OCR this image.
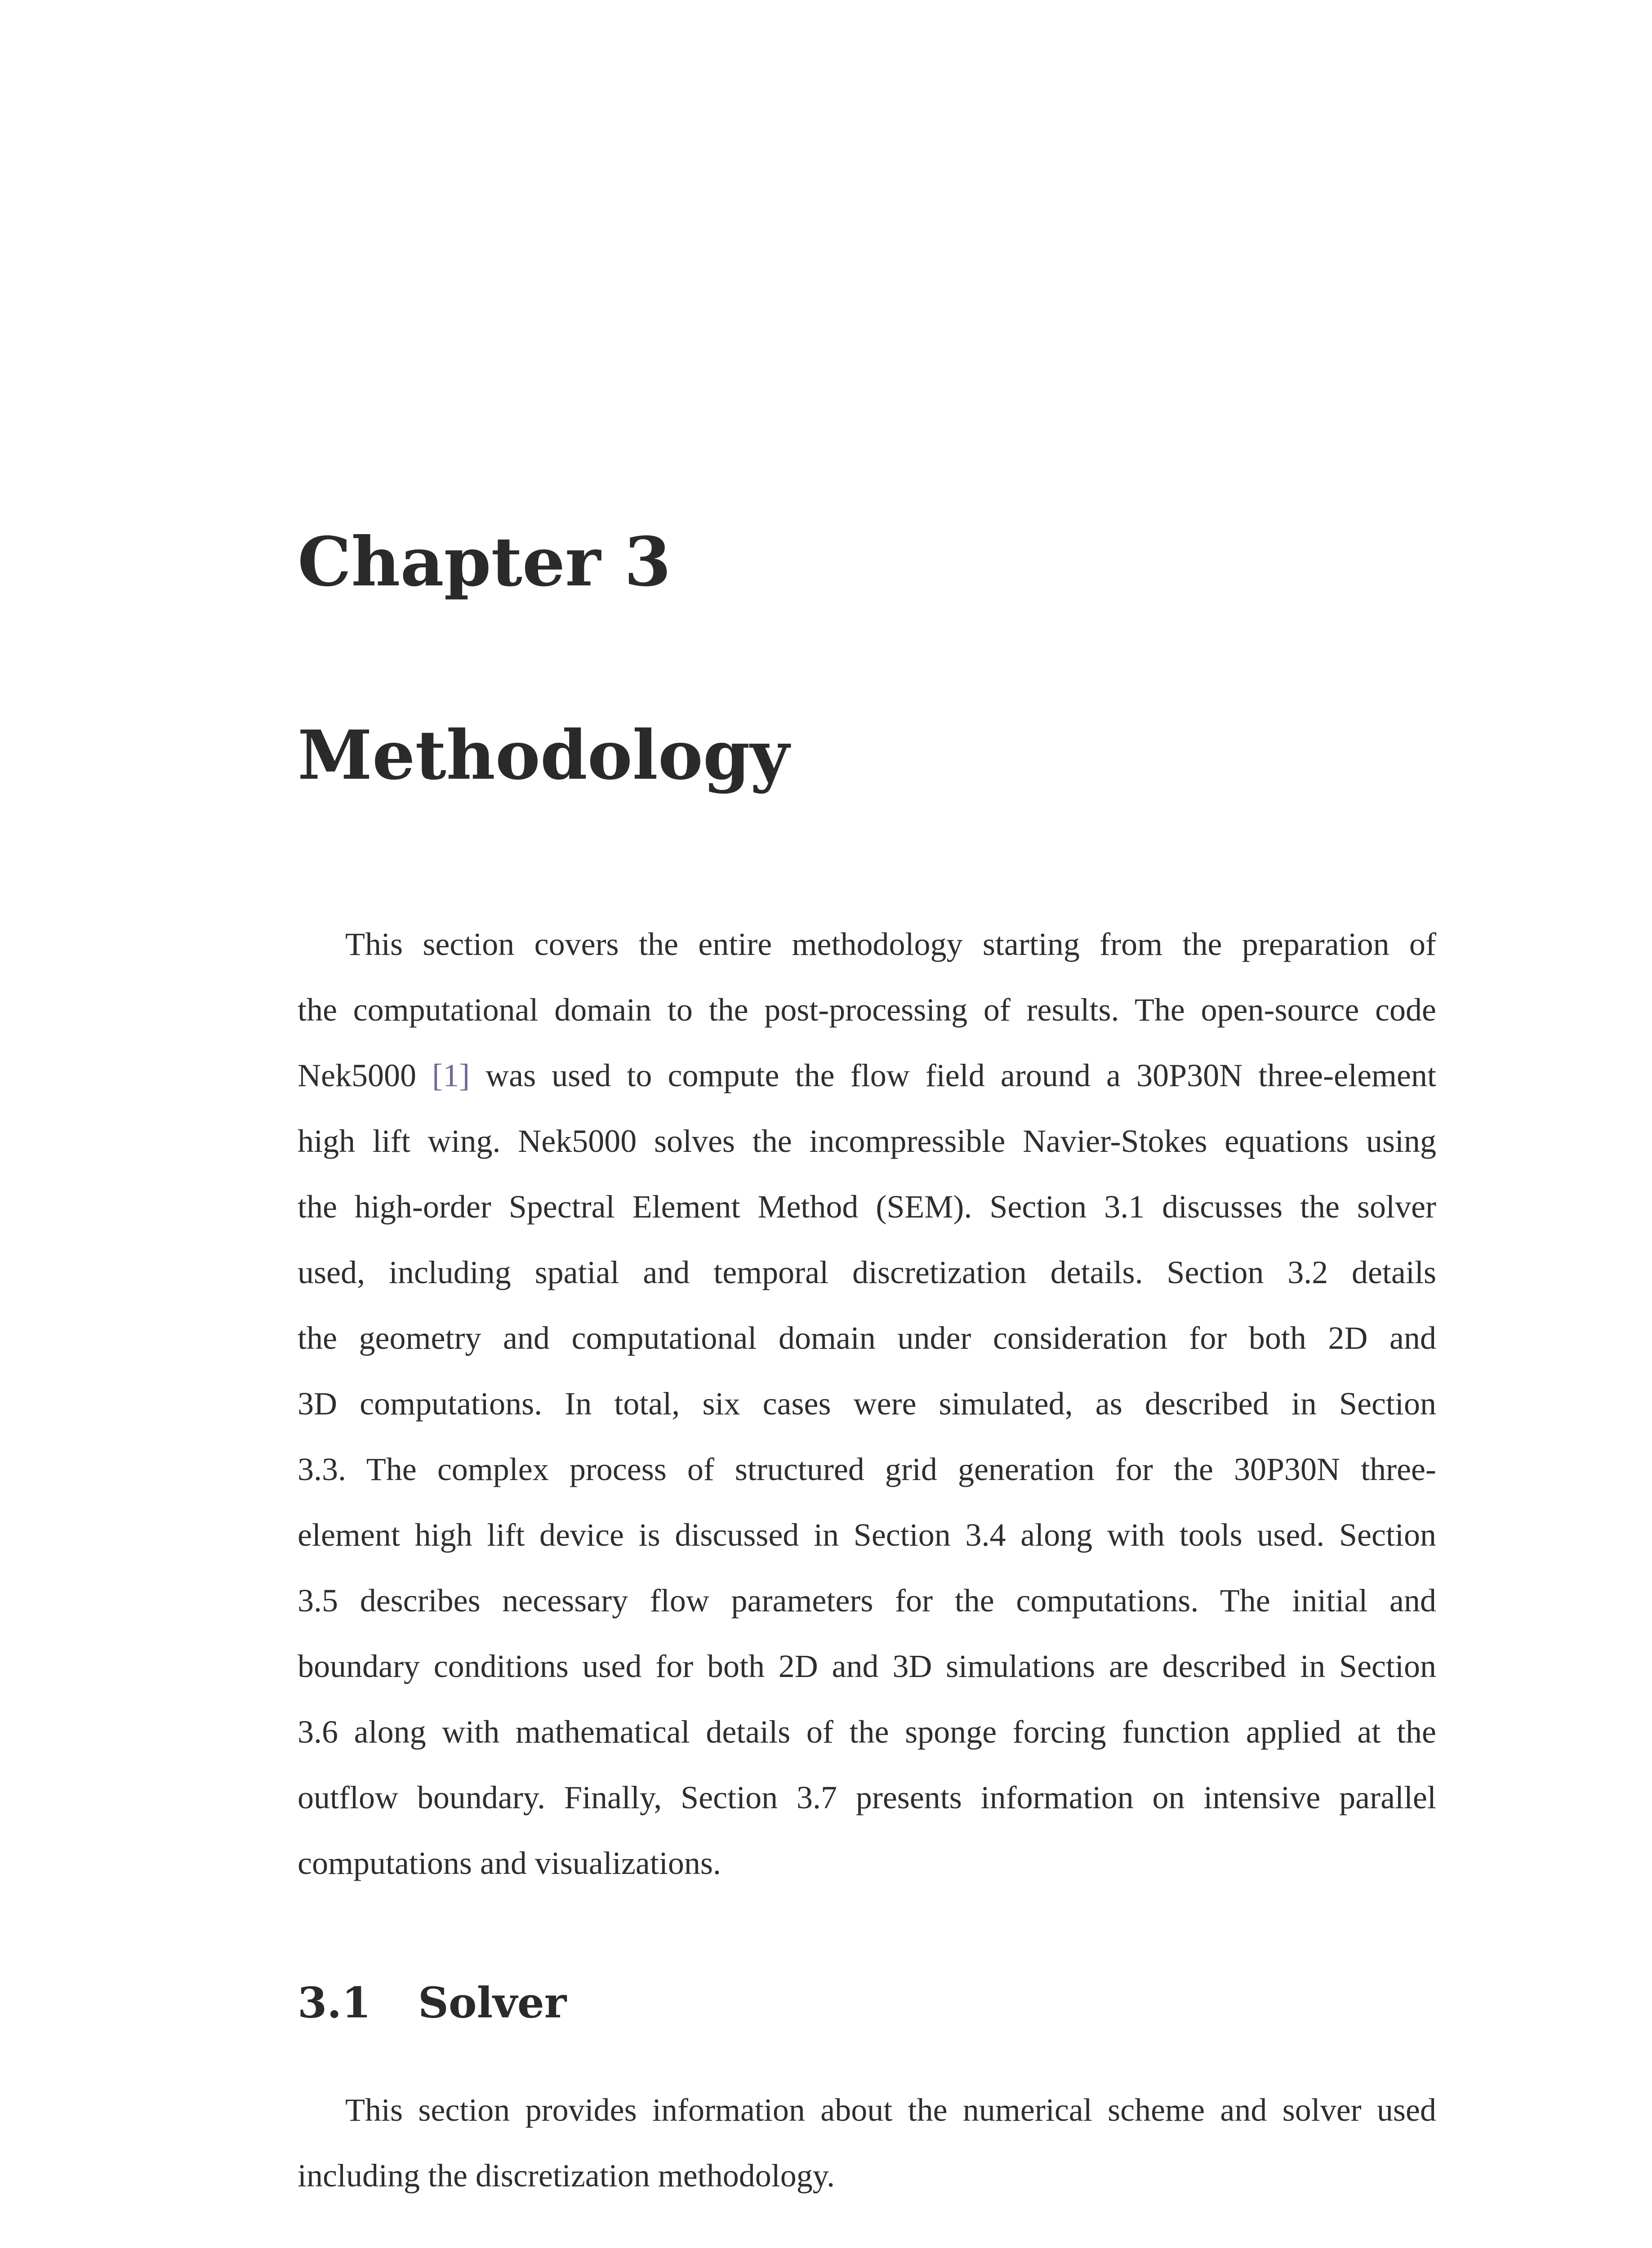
Chapter 3
Methodology
This section covers the entire methodology starting from the preparation of
the computational domain to the post-processing of results. The open-source code
Nek5000 [1] was used to compute the flow field around a 30P30N three-element
high lift wing. Nek5000 solves the incompressible Navier-Stokes equations using
the high-order Spectral Element Method (SEM). Section 3.1 discusses the solver
used, including spatial and temporal discretization details. Section 3.2 details
the geometry and computational domain under consideration for both 2D and
3D computations. In total, six cases were simulated, as described in Section
3.3. The complex process of structured grid generation for the 30P30N three-
element high lift device is discussed in Section 3.4 along with tools used. Section
3.5 describes necessary flow parameters for the computations. The initial and
boundary conditions used for both 2D and 3D simulations are described in Section
3.6 along with mathematical details of the sponge forcing function applied at the
outflow boundary. Finally, Section 3.7 presents information on intensive parallel
computations and visualizations.
3.1 Solver
This section provides information about the numerical scheme and solver used
including the discretization methodology.
